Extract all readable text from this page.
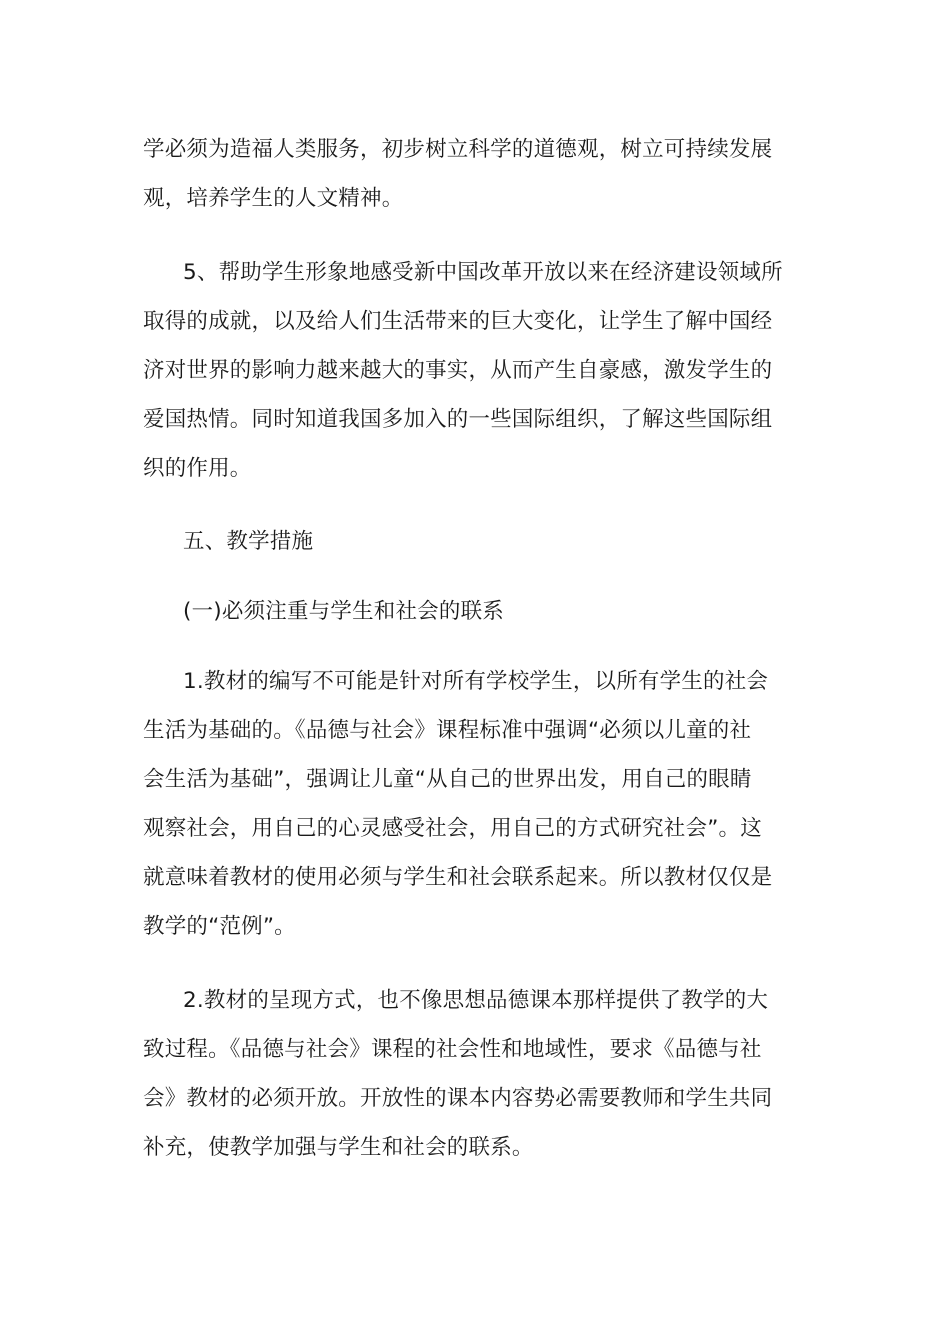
学必须为造福人类服务，初步树立科学的道德观，树立可持续发展
观，培养学生的人文精神。
5、帮助学生形象地感受新中国改革开放以来在经济建设领域所
取得的成就，以及给人们生活带来的巨大变化，让学生了解中国经
济对世界的影响力越来越大的事实，从而产生自豪感，激发学生的
爱国热情。同时知道我国多加入的一些国际组织，了解这些国际组
织的作用。
五、教学措施
(一)必须注重与学生和社会的联系
1.教材的编写不可能是针对所有学校学生，以所有学生的社会
生活为基础的。《品德与社会》课程标准中强调“必须以儿童的社
会生活为基础”，强调让儿童“从自己的世界出发，用自己的眼睛
观察社会，用自己的心灵感受社会，用自己的方式研究社会”。这
就意味着教材的使用必须与学生和社会联系起来。所以教材仅仅是
教学的“范例”。
2.教材的呈现方式，也不像思想品德课本那样提供了教学的大
致过程。《品德与社会》课程的社会性和地域性，要求《品德与社
会》教材的必须开放。开放性的课本内容势必需要教师和学生共同
补充，使教学加强与学生和社会的联系。
